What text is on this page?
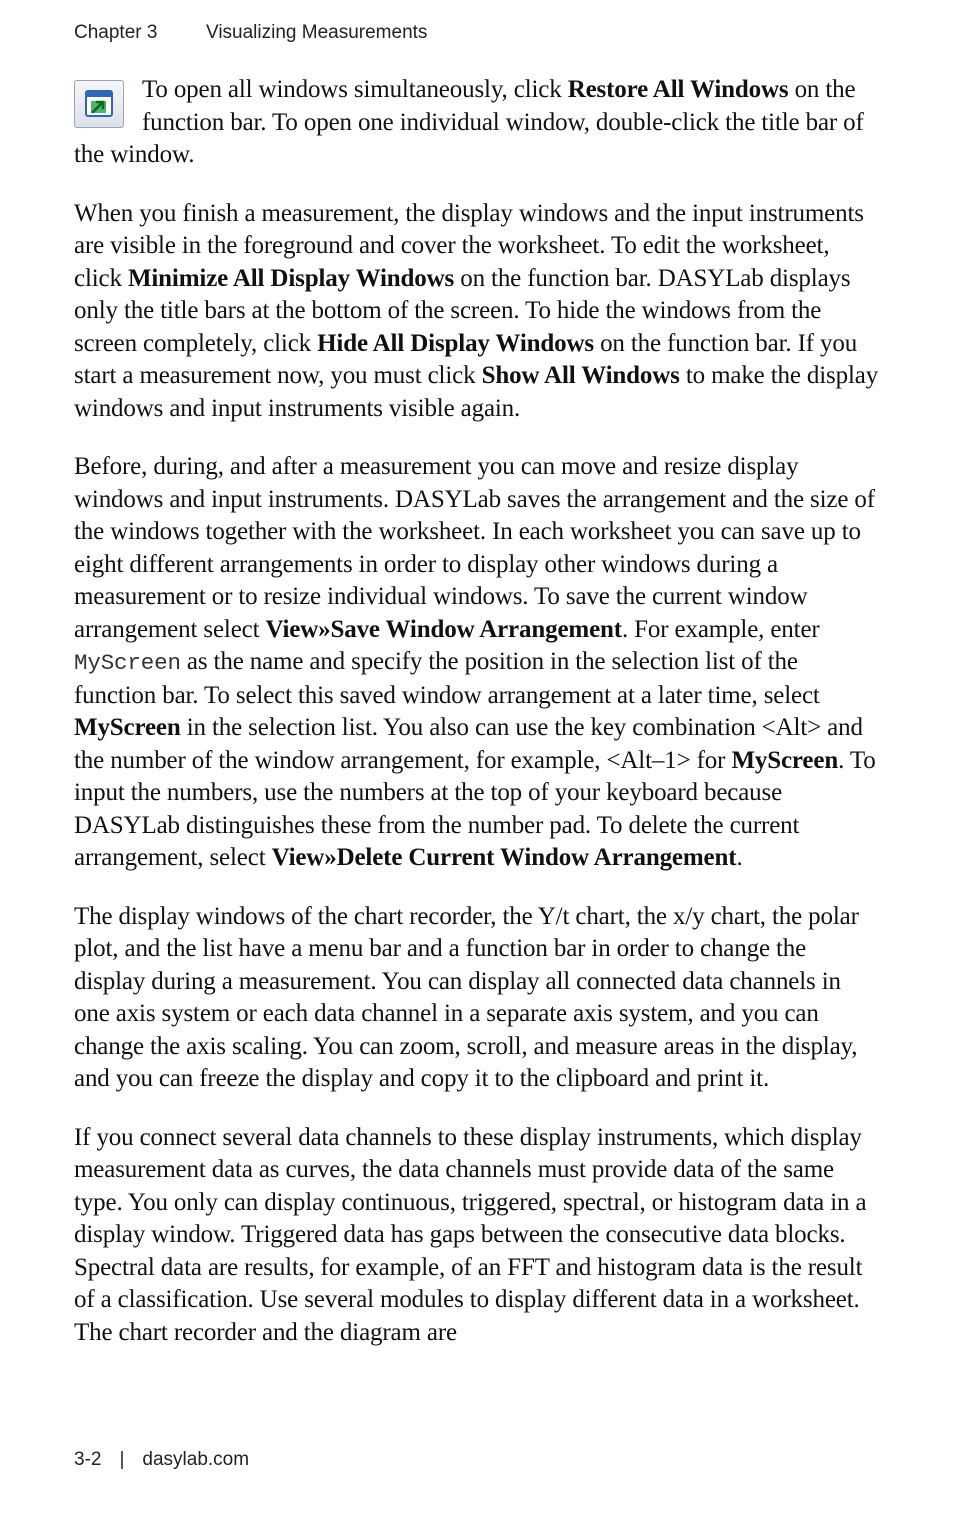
Chapter 3	Visualizing Measurements

To open all windows simultaneously, click Restore All Windows on the function bar. To open one individual window, double-click the title bar of the window.

When you finish a measurement, the display windows and the input instruments are visible in the foreground and cover the worksheet. To edit the worksheet, click Minimize All Display Windows on the function bar. DASYLab displays only the title bars at the bottom of the screen. To hide the windows from the screen completely, click Hide All Display Windows on the function bar. If you start a measurement now, you must click Show All Windows to make the display windows and input instruments visible again.

Before, during, and after a measurement you can move and resize display windows and input instruments. DASYLab saves the arrangement and the size of the windows together with the worksheet. In each worksheet you can save up to eight different arrangements in order to display other windows during a measurement or to resize individual windows. To save the current window arrangement select View»Save Window Arrangement. For example, enter MyScreen as the name and specify the position in the selection list of the function bar. To select this saved window arrangement at a later time, select MyScreen in the selection list. You also can use the key combination <Alt> and the number of the window arrangement, for example, <Alt–1> for MyScreen. To input the numbers, use the numbers at the top of your keyboard because DASYLab distinguishes these from the number pad. To delete the current arrangement, select View»Delete Current Window Arrangement.

The display windows of the chart recorder, the Y/t chart, the x/y chart, the polar plot, and the list have a menu bar and a function bar in order to change the display during a measurement. You can display all connected data channels in one axis system or each data channel in a separate axis system, and you can change the axis scaling. You can zoom, scroll, and measure areas in the display, and you can freeze the display and copy it to the clipboard and print it.

If you connect several data channels to these display instruments, which display measurement data as curves, the data channels must provide data of the same type. You only can display continuous, triggered, spectral, or histogram data in a display window. Triggered data has gaps between the consecutive data blocks. Spectral data are results, for example, of an FFT and histogram data is the result of a classification. Use several modules to display different data in a worksheet. The chart recorder and the diagram are

3-2 | dasylab.com
